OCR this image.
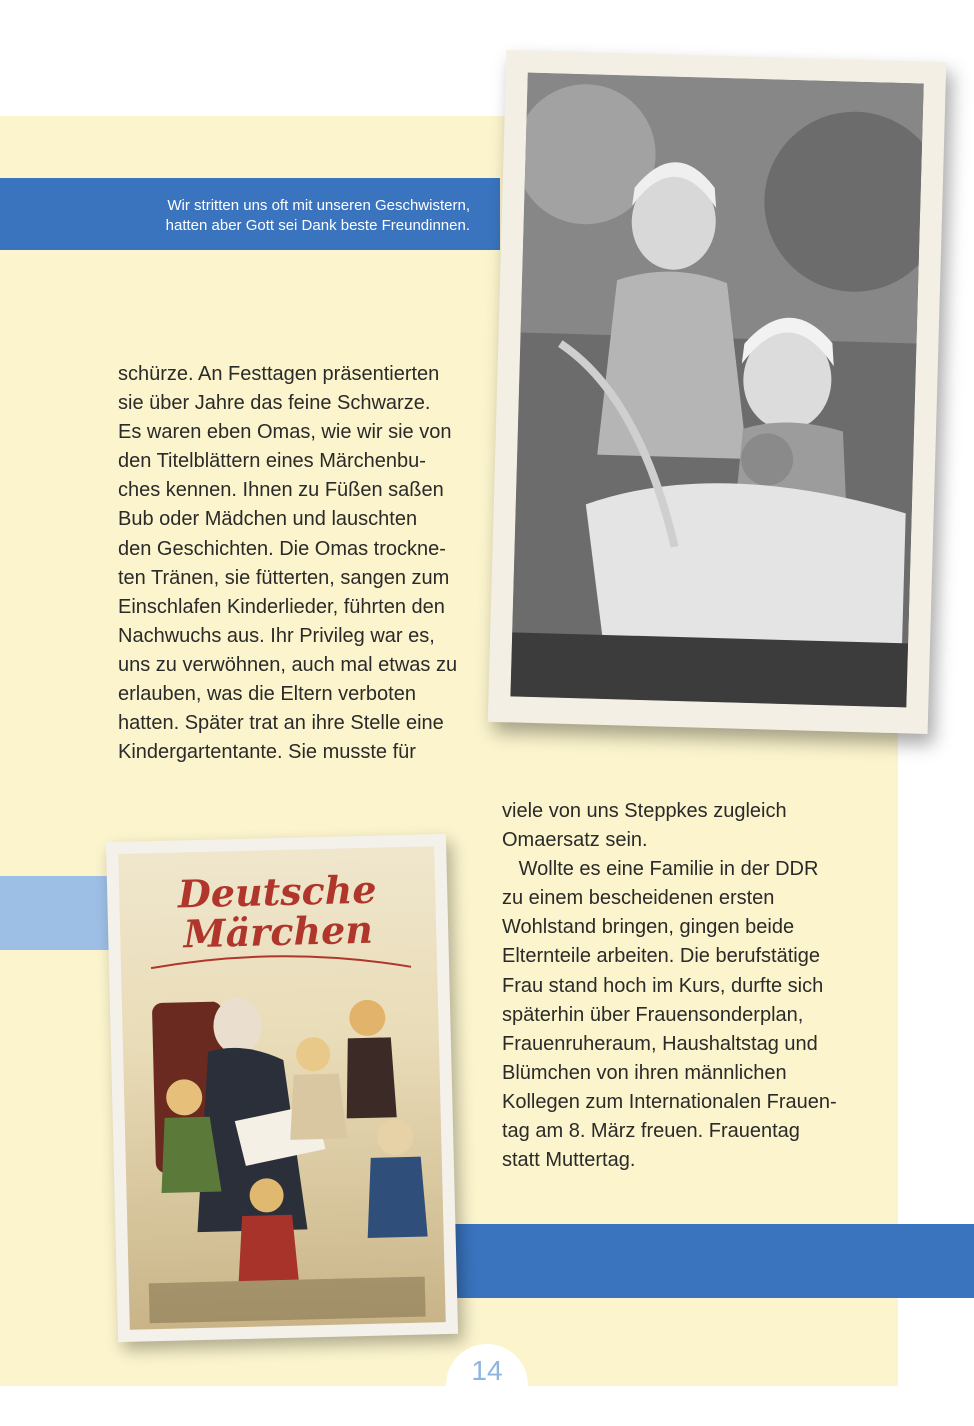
Wir stritten uns oft mit unseren Geschwistern,
hatten aber Gott sei Dank beste Freundinnen.
schürze. An Festtagen präsentierten
sie über Jahre das feine Schwarze.
Es waren eben Omas, wie wir sie von
den Titelblättern eines Märchenbu-
ches kennen. Ihnen zu Füßen saßen
Bub oder Mädchen und lauschten
den Geschichten. Die Omas trockne-
ten Tränen, sie fütterten, sangen zum
Einschlafen Kinderlieder, führten den
Nachwuchs aus. Ihr Privileg war es,
uns zu verwöhnen, auch mal etwas zu
erlauben, was die Eltern verboten
hatten. Später trat an ihre Stelle eine
Kindergartentante. Sie musste für
Deutsche
Märchen
viele von uns Steppkes zugleich
Omaersatz sein.
Wollte es eine Familie in der DDR
zu einem bescheidenen ersten
Wohlstand bringen, gingen beide
Elternteile arbeiten. Die berufstätige
Frau stand hoch im Kurs, durfte sich
späterhin über Frauensonderplan,
Frauenruheraum, Haushaltstag und
Blümchen von ihren männlichen
Kollegen zum Internationalen Frauen-
tag am 8. März freuen. Frauentag
statt Muttertag.
14
